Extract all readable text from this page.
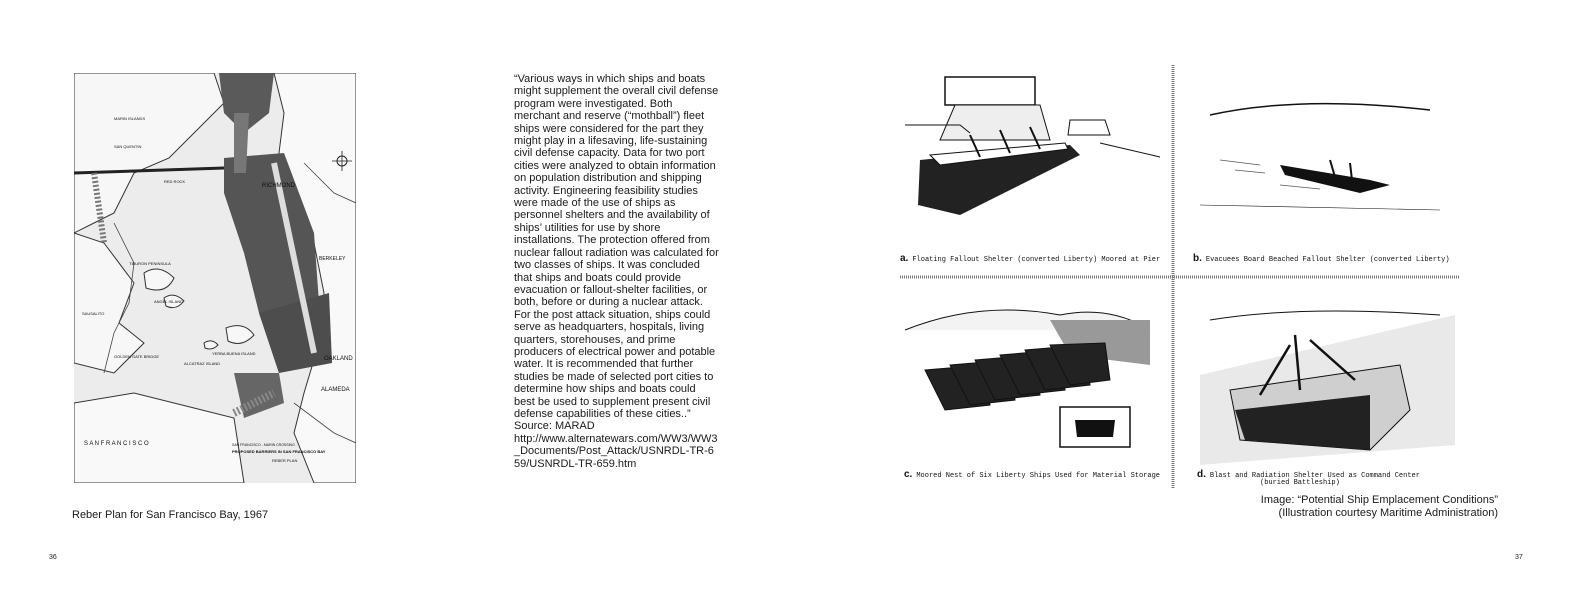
RICHMOND
BERKELEY
OAKLAND
ALAMEDA
S A N F R A N C I S C O
MARIN ISLANDS
SAN QUENTIN
RED ROCK
ANGEL ISLAND
ALCATRAZ ISLAND
YERBA BUENA ISLAND
TIBURON PENINSULA
SAUSALITO
GOLDEN GATE BRIDGE
SAN FRANCISCO - MARIN CROSSING
PROPOSED BARRIERS IN SAN FRANCISCO BAY
REBER PLAN
Reber Plan for San Francisco Bay, 1967
36

“Various ways in which ships and boats might supplement the overall civil defense program were investigated. Both merchant and reserve (“mothball”) fleet ships were considered for the part they might play in a lifesaving, life-sustaining civil defense capacity. Data for two port cities were analyzed to obtain information on population distribution and shipping activity. Engineering feasibility studies were made of the use of ships as personnel shelters and the availability of ships’ utilities for use by shore installations. The protection offered from nuclear fallout radiation was calculated for two classes of ships. It was concluded that ships and boats could provide evacuation or fallout-shelter facilities, or both, before or during a nuclear attack. For the post attack situation, ships could serve as headquarters, hospitals, living quarters, storehouses, and prime producers of electrical power and potable water. It is recommended that further studies be made of selected port cities to determine how ships and boats could best be used to supplement present civil defense capabilities of these cities..”

Source: MARAD
http://www.alternatewars.com/WW3/WW3_Documents/Post_Attack/USNRDL-TR-659/USNRDL-TR-659.htm
a. Floating Fallout Shelter (converted Liberty) Moored at Pier	b. Evacuees Board Beached Fallout Shelter (converted Liberty)
c. Moored Nest of Six Liberty Ships Used for Material Storage	d. Blast and Radiation Shelter Used as Command Center
(buried Battleship)
Image: “Potential Ship Emplacement Conditions”
(Illustration courtesy Maritime Administration)
37
